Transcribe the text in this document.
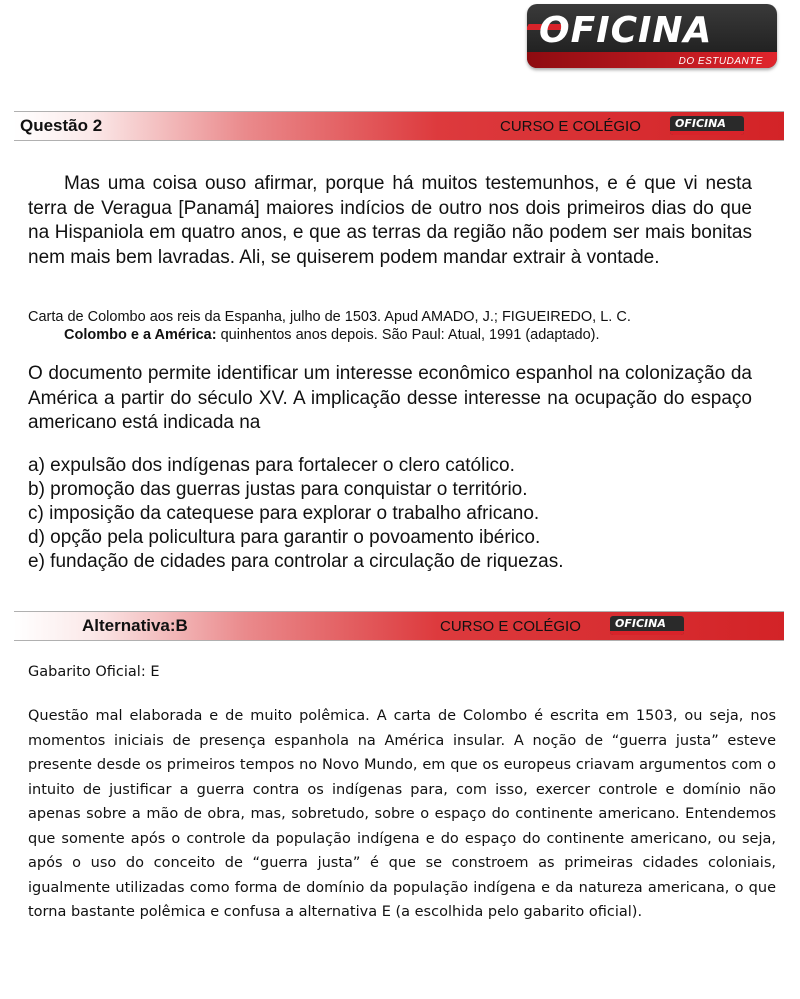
OFICINA
DO ESTUDANTE
Questão 2	CURSO E COLÉGIO	OFICINA
Mas uma coisa ouso afirmar, porque há muitos testemunhos, e é que vi nesta terra de Veragua [Panamá] maiores indícios de outro nos dois primeiros dias do que na Hispaniola em quatro anos, e que as terras da região não podem ser mais bonitas nem mais bem lavradas. Ali, se quiserem podem mandar extrair à vontade.
Carta de Colombo aos reis da Espanha, julho de 1503. Apud AMADO, J.; FIGUEIREDO, L. C.
Colombo e a América: quinhentos anos depois. São Paul: Atual, 1991 (adaptado).
O documento permite identificar um interesse econômico espanhol na colonização da América a partir do século XV. A implicação desse interesse na ocupação do espaço americano está indicada na
a) expulsão dos indígenas para fortalecer o clero católico.
b) promoção das guerras justas para conquistar o território.
c) imposição da catequese para explorar o trabalho africano.
d) opção pela policultura para garantir o povoamento ibérico.
e) fundação de cidades para controlar a circulação de riquezas.
Alternativa:B	CURSO E COLÉGIO	OFICINA
Gabarito Oficial: E
Questão mal elaborada e de muito polêmica. A carta de Colombo é escrita em 1503, ou seja, nos momentos iniciais de presença espanhola na América insular. A noção de “guerra justa” esteve presente desde os primeiros tempos no Novo Mundo, em que os europeus criavam argumentos com o intuito de justificar a guerra contra os indígenas para, com isso, exercer controle e domínio não apenas sobre a mão de obra, mas, sobretudo, sobre o espaço do continente americano. Entendemos que somente após o controle da população indígena e do espaço do continente americano, ou seja, após o uso do conceito de “guerra justa” é que se constroem as primeiras cidades coloniais, igualmente utilizadas como forma de domínio da população indígena e da natureza americana, o que torna bastante polêmica e confusa a alternativa E (a escolhida pelo gabarito oficial).
